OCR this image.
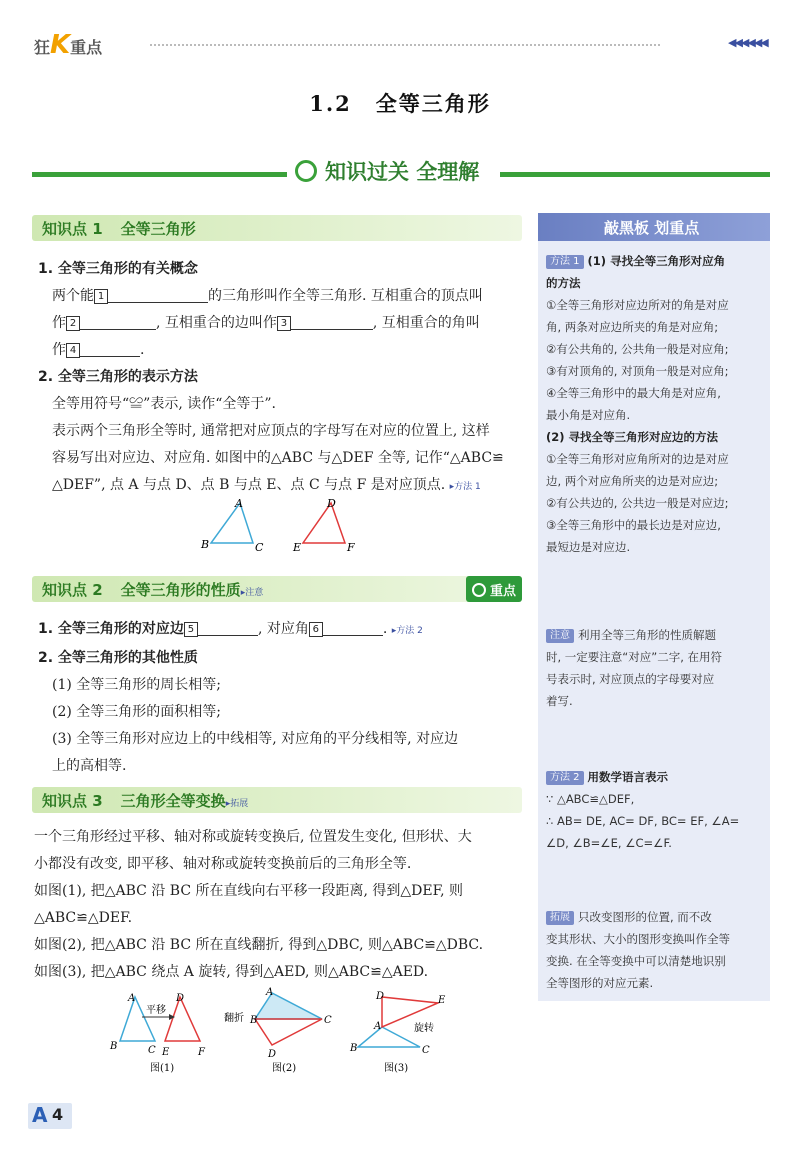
狂K重点	◀◀◀◀◀◀
1.2 全等三角形
知识过关 全理解
知识点 1 全等三角形
1. 全等三角形的有关概念
两个能 1	的三角形叫作全等三角形. 互相重合的顶点叫
作 2	, 互相重合的边叫作 3	, 互相重合的角叫
作 4	.
2. 全等三角形的表示方法
全等用符号“≌”表示, 读作“全等于”.
表示两个三角形全等时, 通常把对应顶点的字母写在对应的位置上, 这样
容易写出对应边、对应角. 如图中的△ABC 与△DEF 全等, 记作“△ABC≌
△DEF”, 点 A 与点 D、点 B 与点 E、点 C 与点 F 是对应顶点. ▸方法 1
A
B	C
D
E	F
知识点 2 全等三角形的性质▸注意	重点
1. 全等三角形的对应边 5	, 对应角 6	. ▸方法 2
2. 全等三角形的其他性质
(1) 全等三角形的周长相等;
(2) 全等三角形的面积相等;
(3) 全等三角形对应边上的中线相等, 对应角的平分线相等, 对应边
上的高相等.
知识点 3 三角形全等变换▸拓展
一个三角形经过平移、轴对称或旋转变换后, 位置发生变化, 但形状、大
小都没有改变, 即平移、轴对称或旋转变换前后的三角形全等.
如图(1), 把△ABC 沿 BC 所在直线向右平移一段距离, 得到△DEF, 则
△ABC≌△DEF.
如图(2), 把△ABC 沿 BC 所在直线翻折, 得到△DBC, 则△ABC≌△DBC.
如图(3), 把△ABC 绕点 A 旋转, 得到△AED, 则△ABC≌△AED.
A
B	C
D
E	F
平移
图(1)
A
B	C
D
翻折
图(2)
D	E
A
B	C
旋转
图(3)
敲黑板 划重点
方法 1 (1) 寻找全等三角形对应角
的方法
①全等三角形对应边所对的角是对应
角, 两条对应边所夹的角是对应角;
②有公共角的, 公共角一般是对应角;
③有对顶角的, 对顶角一般是对应角;
④全等三角形中的最大角是对应角,
最小角是对应角.
(2) 寻找全等三角形对应边的方法
①全等三角形对应角所对的边是对应
边, 两个对应角所夹的边是对应边;
②有公共边的, 公共边一般是对应边;
③全等三角形中的最长边是对应边,
最短边是对应边.
注意 利用全等三角形的性质解题
时, 一定要注意“对应”二字, 在用符
号表示时, 对应顶点的字母要对应
着写.
方法 2 用数学语言表示
∵ △ABC≌△DEF,
∴ AB= DE, AC= DF, BC= EF, ∠A=
∠D, ∠B=∠E, ∠C=∠F.
拓展 只改变图形的位置, 而不改
变其形状、大小的图形变换叫作全等
变换. 在全等变换中可以清楚地识别
全等图形的对应元素.
A 4
